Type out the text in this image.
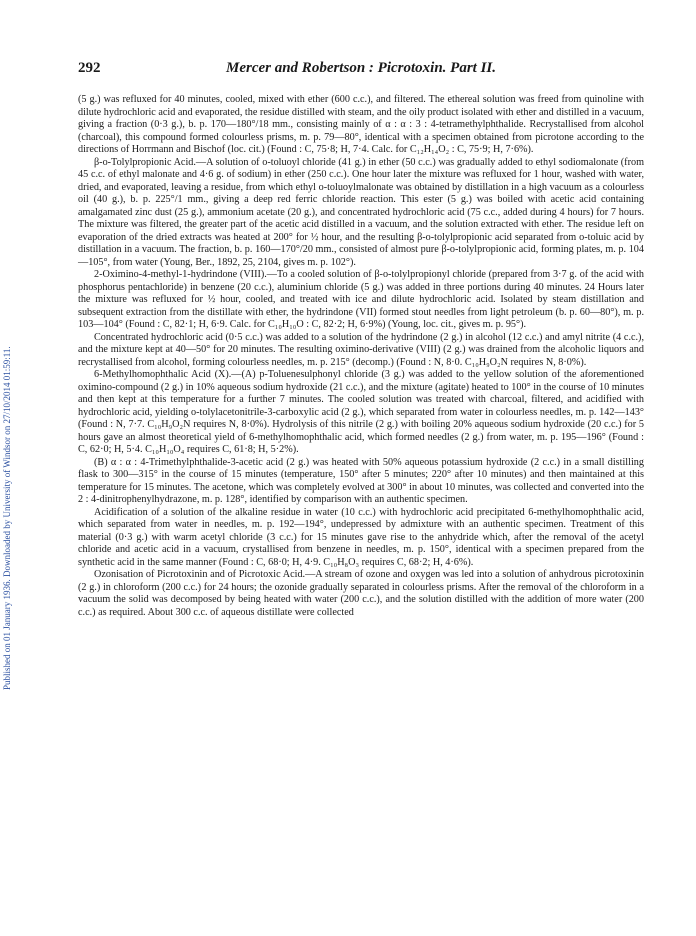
Published on 01 January 1936. Downloaded by University of Windsor on 27/10/2014 01:59:11.
Mercer and Robertson : Picrotoxin. Part II.
292

(5 g.) was refluxed for 40 minutes, cooled, mixed with ether (600 c.c.), and filtered. The ethereal solution was freed from quinoline with dilute hydrochloric acid and evaporated, the residue distilled with steam, and the oily product isolated with ether and distilled in a vacuum, giving a fraction (0·3 g.), b. p. 170—180°/18 mm., consisting mainly of α : α : 3 : 4-tetramethylphthalide. Recrystallised from alcohol (charcoal), this compound formed colourless prisms, m. p. 79—80°, identical with a specimen obtained from picrotone according to the directions of Horrmann and Bischof (loc. cit.) (Found : C, 75·8; H, 7·4. Calc. for C₁₂H₁₄O₂ : C, 75·9; H, 7·6%).

β-o-Tolylpropionic Acid.—A solution of o-toluoyl chloride (41 g.) in ether (50 c.c.) was gradually added to ethyl sodiomalonate (from 45 c.c. of ethyl malonate and 4·6 g. of sodium) in ether (250 c.c.). One hour later the mixture was refluxed for 1 hour, washed with water, dried, and evaporated, leaving a residue, from which ethyl o-toluoylmalonate was obtained by distillation in a high vacuum as a colourless oil (40 g.), b. p. 225°/1 mm., giving a deep red ferric chloride reaction. This ester (5 g.) was boiled with acetic acid containing amalgamated zinc dust (25 g.), ammonium acetate (20 g.), and concentrated hydrochloric acid (75 c.c., added during 4 hours) for 7 hours. The mixture was filtered, the greater part of the acetic acid distilled in a vacuum, and the solution extracted with ether. The residue left on evaporation of the dried extracts was heated at 200° for ½ hour, and the resulting β-o-tolylpropionic acid separated from o-toluic acid by distillation in a vacuum. The fraction, b. p. 160—170°/20 mm., consisted of almost pure β-o-tolylpropionic acid, forming plates, m. p. 104—105°, from water (Young, Ber., 1892, 25, 2104, gives m. p. 102°).

2-Oximino-4-methyl-1-hydrindone (VIII).—To a cooled solution of β-o-tolylpropionyl chloride (prepared from 3·7 g. of the acid with phosphorus pentachloride) in benzene (20 c.c.), aluminium chloride (5 g.) was added in three portions during 40 minutes. 24 Hours later the mixture was refluxed for ½ hour, cooled, and treated with ice and dilute hydrochloric acid. Isolated by steam distillation and subsequent extraction from the distillate with ether, the hydrindone (VII) formed stout needles from light petroleum (b. p. 60—80°), m. p. 103—104° (Found : C, 82·1; H, 6·9. Calc. for C₁₀H₁₀O : C, 82·2; H, 6·9%) (Young, loc. cit., gives m. p. 95°).

Concentrated hydrochloric acid (0·5 c.c.) was added to a solution of the hydrindone (2 g.) in alcohol (12 c.c.) and amyl nitrite (4 c.c.), and the mixture kept at 40—50° for 20 minutes. The resulting oximino-derivative (VIII) (2 g.) was drained from the alcoholic liquors and recrystallised from alcohol, forming colourless needles, m. p. 215° (decomp.) (Found : N, 8·0. C₁₀H₉O₂N requires N, 8·0%).

6-Methylhomophthalic Acid (X).—(A) p-Toluenesulphonyl chloride (3 g.) was added to the yellow solution of the aforementioned oximino-compound (2 g.) in 10% aqueous sodium hydroxide (21 c.c.), and the mixture (agitate) heated to 100° in the course of 10 minutes and then kept at this temperature for a further 7 minutes. The cooled solution was treated with charcoal, filtered, and acidified with hydrochloric acid, yielding o-tolylacetonitrile-3-carboxylic acid (2 g.), which separated from water in colourless needles, m. p. 142—143° (Found : N, 7·7. C₁₀H₉O₂N requires N, 8·0%). Hydrolysis of this nitrile (2 g.) with boiling 20% aqueous sodium hydroxide (20 c.c.) for 5 hours gave an almost theoretical yield of 6-methylhomophthalic acid, which formed needles (2 g.) from water, m. p. 195—196° (Found : C, 62·0; H, 5·4. C₁₀H₁₀O₄ requires C, 61·8; H, 5·2%).

(B) α : α : 4-Trimethylphthalide-3-acetic acid (2 g.) was heated with 50% aqueous potassium hydroxide (2 c.c.) in a small distilling flask to 300—315° in the course of 15 minutes (temperature, 150° after 5 minutes; 220° after 10 minutes) and then maintained at this temperature for 15 minutes. The acetone, which was completely evolved at 300° in about 10 minutes, was collected and converted into the 2 : 4-dinitrophenylhydrazone, m. p. 128°, identified by comparison with an authentic specimen.

Acidification of a solution of the alkaline residue in water (10 c.c.) with hydrochloric acid precipitated 6-methylhomophthalic acid, which separated from water in needles, m. p. 192—194°, undepressed by admixture with an authentic specimen. Treatment of this material (0·3 g.) with warm acetyl chloride (3 c.c.) for 15 minutes gave rise to the anhydride which, after the removal of the acetyl chloride and acetic acid in a vacuum, crystallised from benzene in needles, m. p. 150°, identical with a specimen prepared from the synthetic acid in the same manner (Found : C, 68·0; H, 4·9. C₁₀H₈O₃ requires C, 68·2; H, 4·6%).

Ozonisation of Picrotoxinin and of Picrotoxic Acid.—A stream of ozone and oxygen was led into a solution of anhydrous picrotoxinin (2 g.) in chloroform (200 c.c.) for 24 hours; the ozonide gradually separated in colourless prisms. After the removal of the chloroform in a vacuum the solid was decomposed by being heated with water (200 c.c.), and the solution distilled with the addition of more water (200 c.c.) as required. About 300 c.c. of aqueous distillate were collected
